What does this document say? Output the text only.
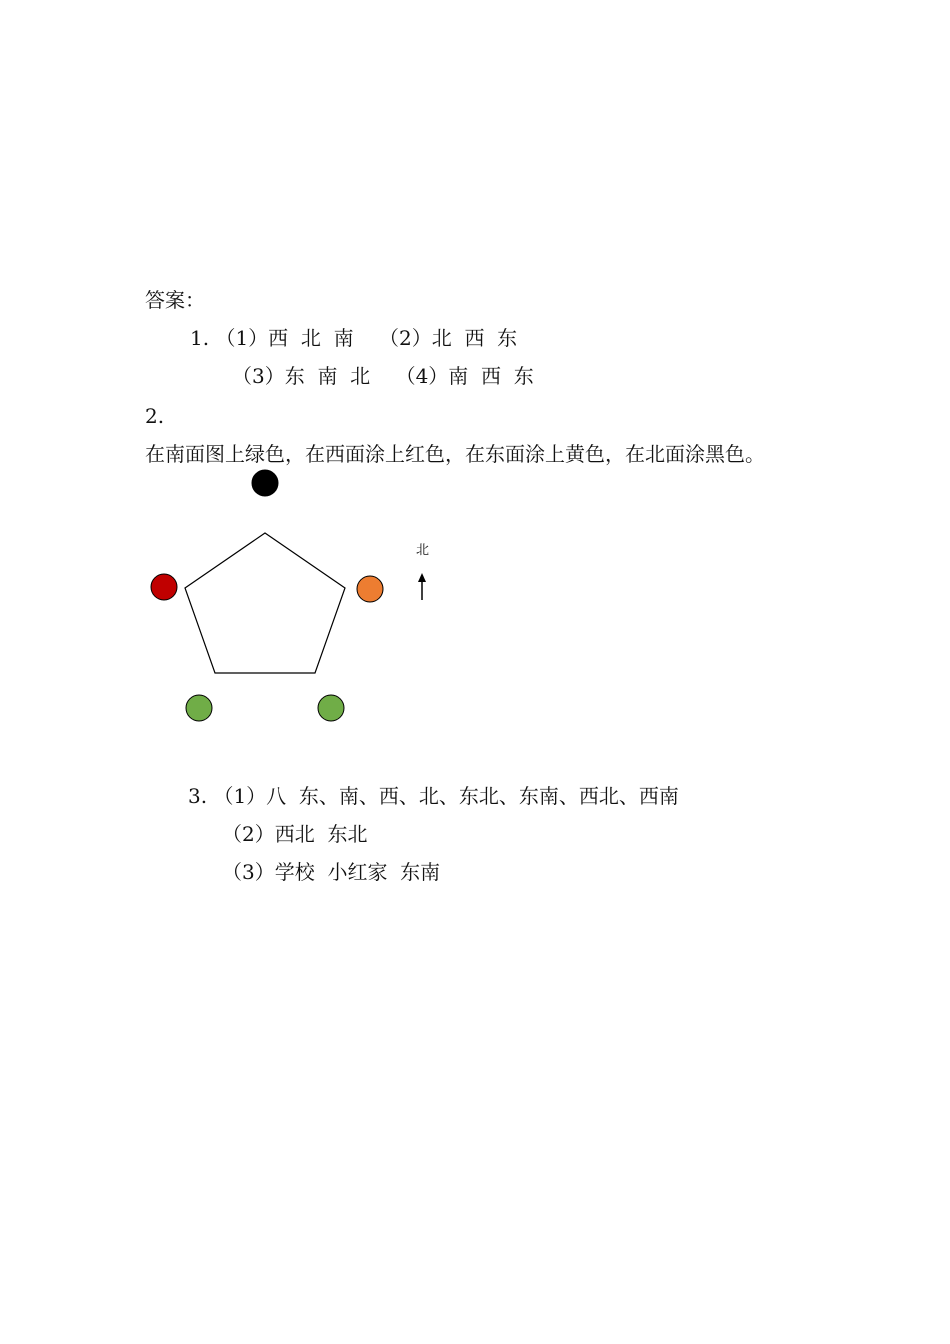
答案：
1. （1）西  北  南    （2）北  西  东
（3）东  南  北    （4）南  西  东
2.
在南面图上绿色，在西面涂上红色，在东面涂上黄色，在北面涂黑色。
北
3. （1）八  东、南、西、北、东北、东南、西北、西南
（2）西北  东北
（3）学校  小红家  东南
